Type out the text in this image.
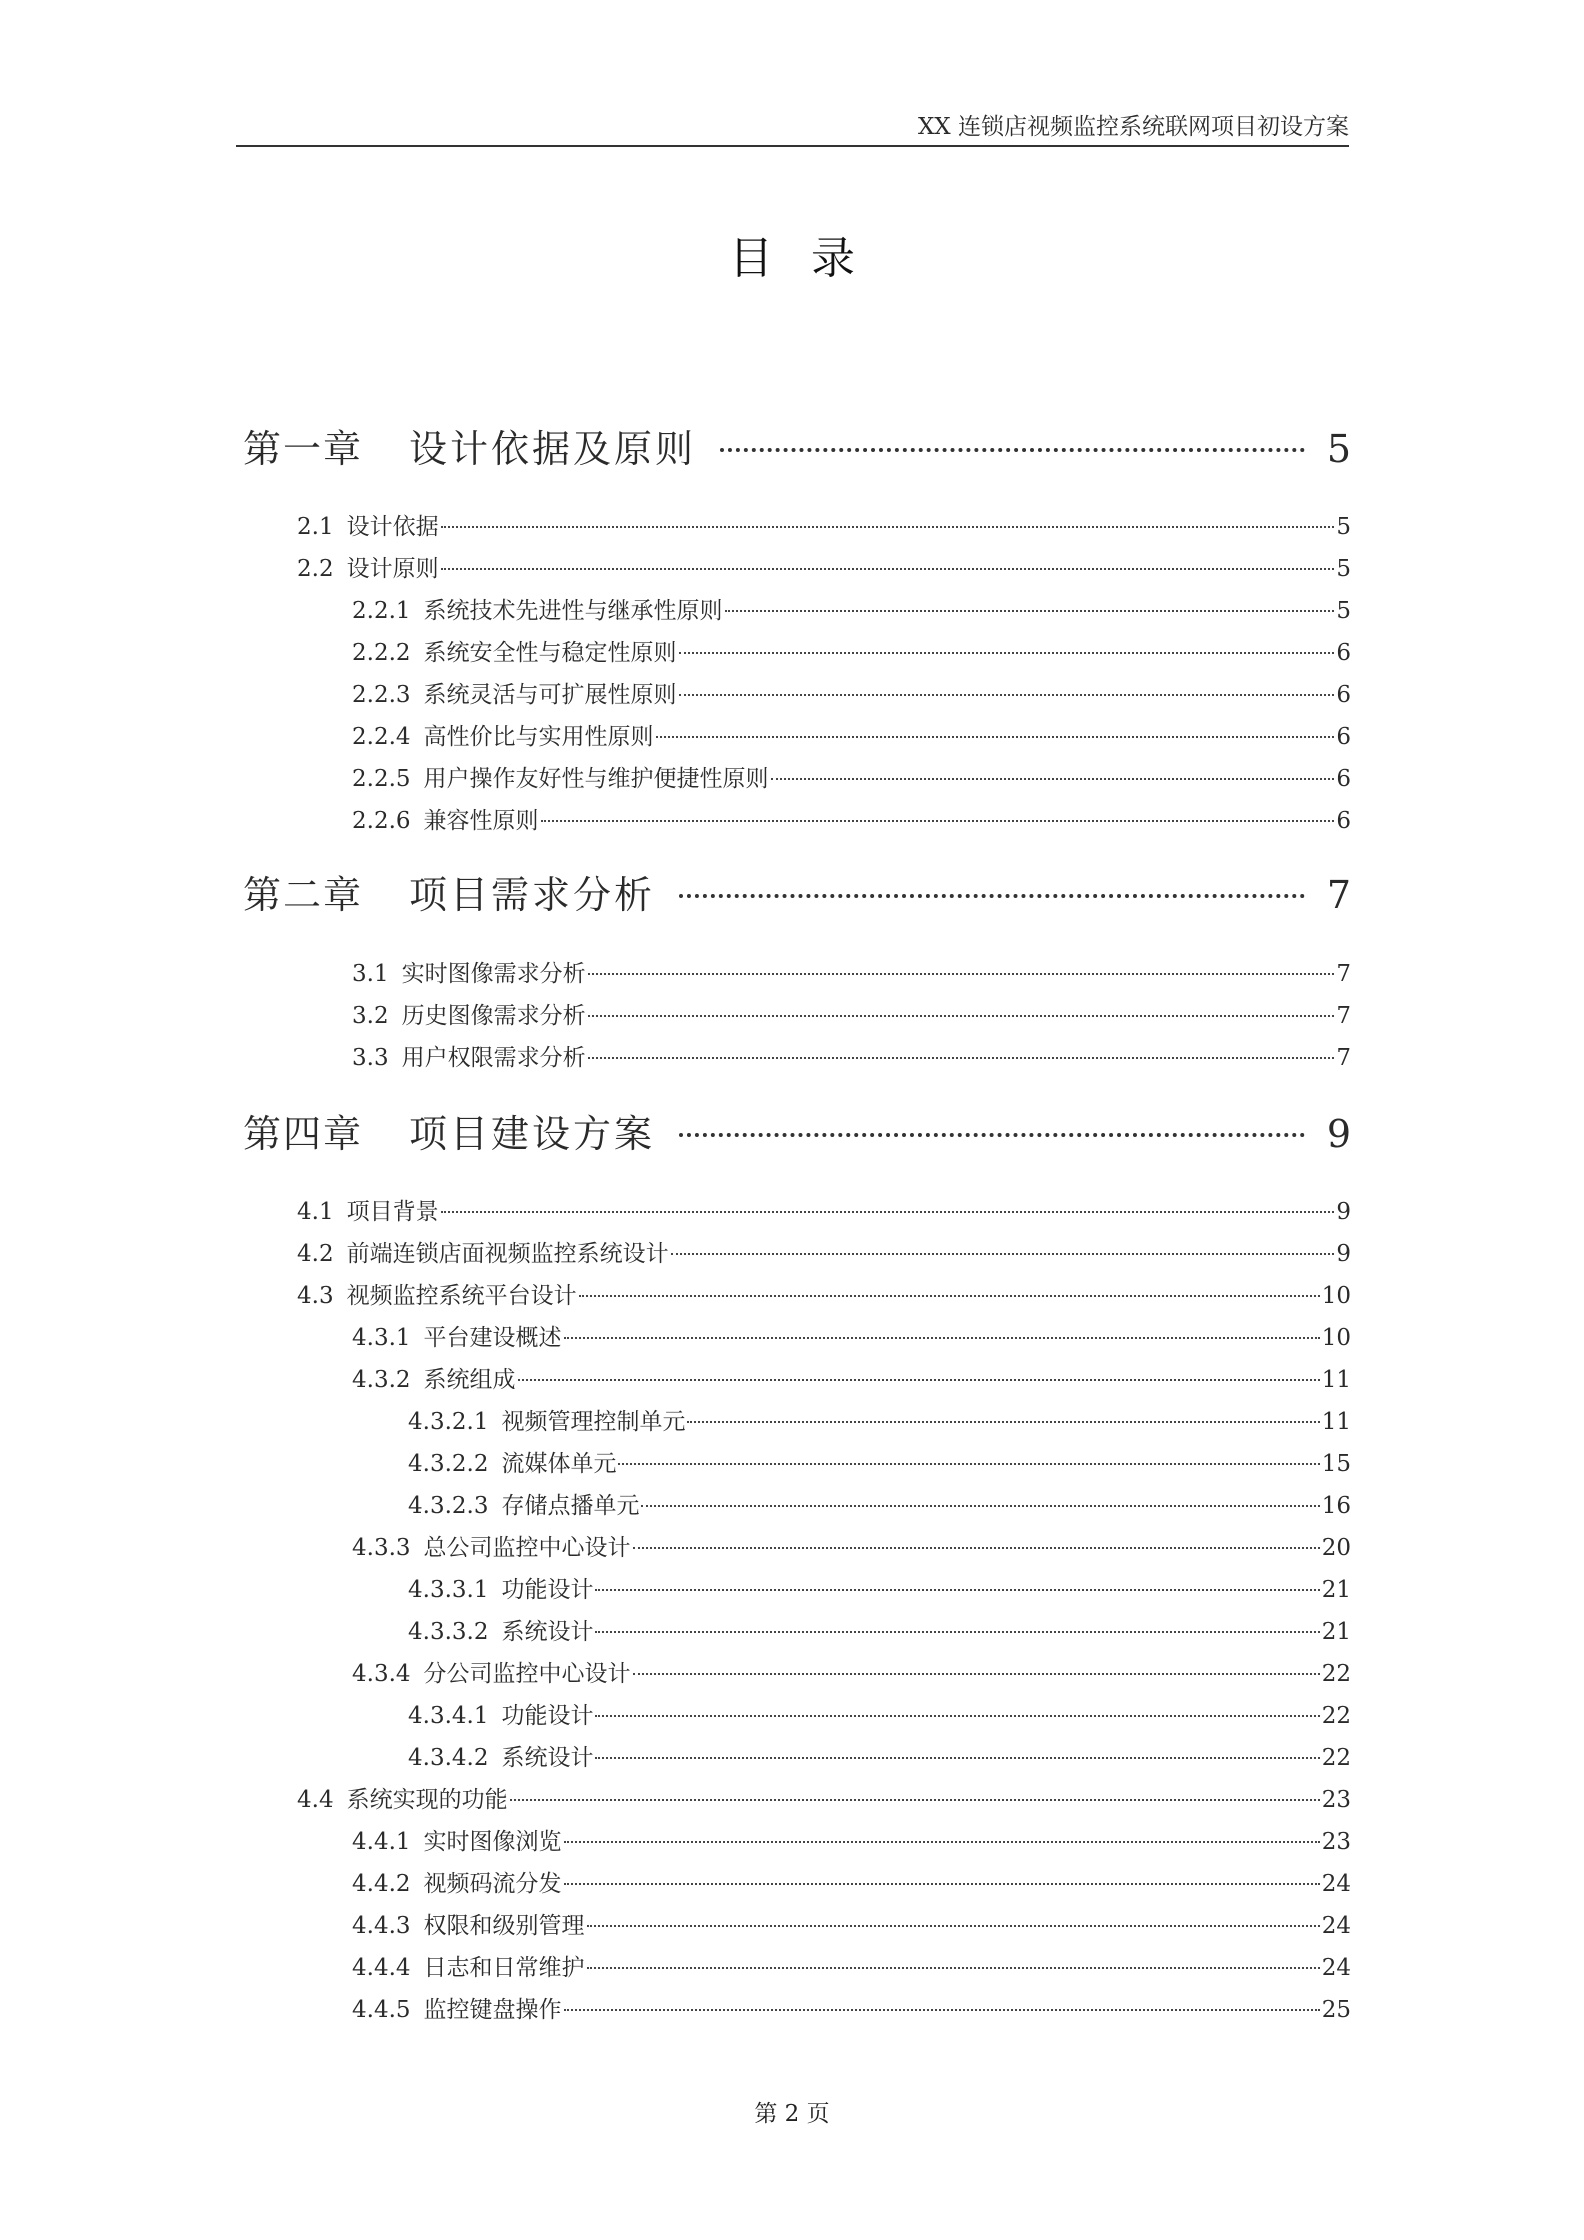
XX 连锁店视频监控系统联网项目初设方案
目录
第一章 设计依据及原则	5
2.1 设计依据	5
2.2 设计原则	5
2.2.1 系统技术先进性与继承性原则	5
2.2.2 系统安全性与稳定性原则	6
2.2.3 系统灵活与可扩展性原则	6
2.2.4 高性价比与实用性原则	6
2.2.5 用户操作友好性与维护便捷性原则	6
2.2.6 兼容性原则	6
第二章 项目需求分析	7
3.1 实时图像需求分析	7
3.2 历史图像需求分析	7
3.3 用户权限需求分析	7
第四章 项目建设方案	9
4.1 项目背景	9
4.2 前端连锁店面视频监控系统设计	9
4.3 视频监控系统平台设计	10
4.3.1 平台建设概述	10
4.3.2 系统组成	11
4.3.2.1 视频管理控制单元	11
4.3.2.2 流媒体单元	15
4.3.2.3 存储点播单元	16
4.3.3 总公司监控中心设计	20
4.3.3.1 功能设计	21
4.3.3.2 系统设计	21
4.3.4 分公司监控中心设计	22
4.3.4.1 功能设计	22
4.3.4.2 系统设计	22
4.4 系统实现的功能	23
4.4.1 实时图像浏览	23
4.4.2 视频码流分发	24
4.4.3 权限和级别管理	24
4.4.4 日志和日常维护	24
4.4.5 监控键盘操作	25
第 2 页
